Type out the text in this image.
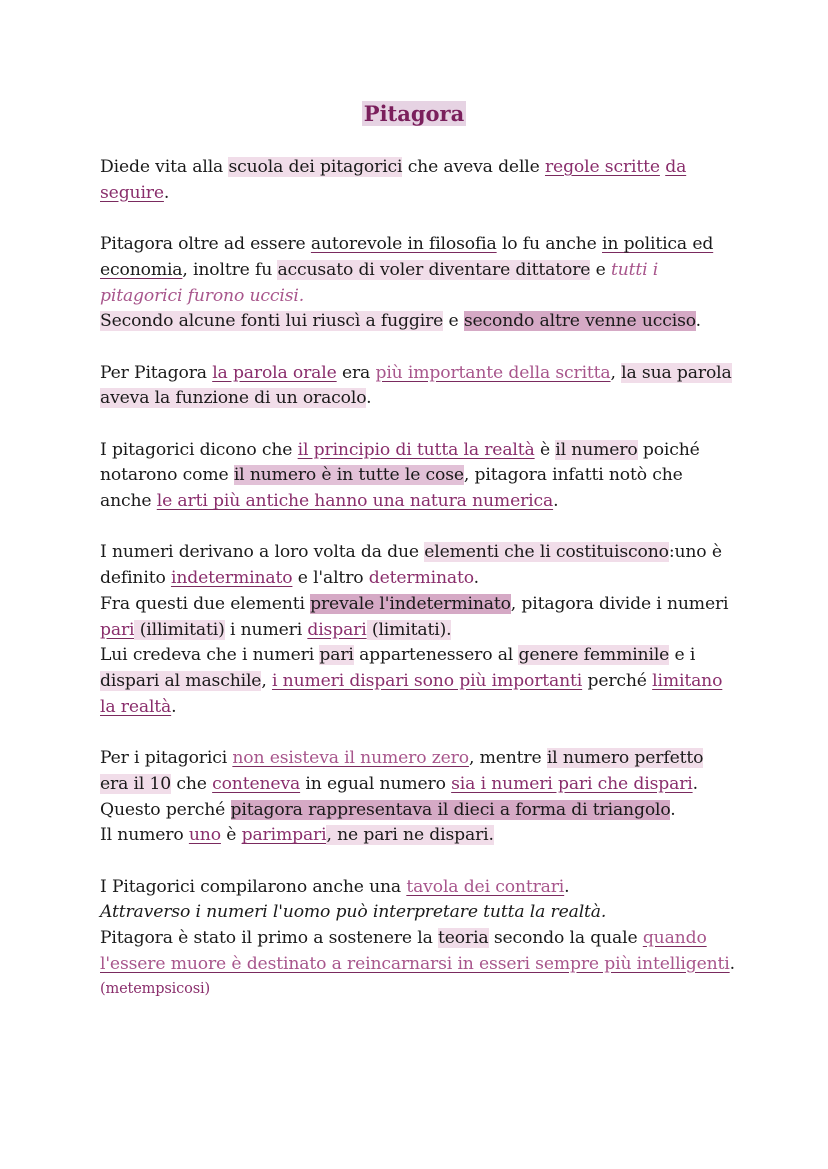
Pitagora
Diede vita alla scuola dei pitagorici che aveva delle regole scritte da
seguire.
Pitagora oltre ad essere autorevole in filosofia lo fu anche in politica ed
economia, inoltre fu accusato di voler diventare dittatore e tutti i
pitagorici furono uccisi.
Secondo alcune fonti lui riuscì a fuggire e secondo altre venne ucciso.
Per Pitagora la parola orale era più importante della scritta, la sua parola
aveva la funzione di un oracolo.
I pitagorici dicono che il principio di tutta la realtà è il numero poiché
notarono come il numero è in tutte le cose, pitagora infatti notò che
anche le arti più antiche hanno una natura numerica.
I numeri derivano a loro volta da due elementi che li costituiscono:uno è
definito indeterminato e l'altro determinato.
Fra questi due elementi prevale l'indeterminato, pitagora divide i numeri
pari (illimitati) i numeri dispari (limitati).
Lui credeva che i numeri pari appartenessero al genere femminile e i
dispari al maschile, i numeri dispari sono più importanti perché limitano
la realtà.
Per i pitagorici non esisteva il numero zero, mentre il numero perfetto
era il 10 che conteneva in egual numero sia i numeri pari che dispari.
Questo perché pitagora rappresentava il dieci a forma di triangolo.
Il numero uno è parimpari, ne pari ne dispari.
I Pitagorici compilarono anche una tavola dei contrari.
Attraverso i numeri l'uomo può interpretare tutta la realtà.
Pitagora è stato il primo a sostenere la teoria secondo la quale quando
l'essere muore è destinato a reincarnarsi in esseri sempre più intelligenti.
(metempsicosi)
